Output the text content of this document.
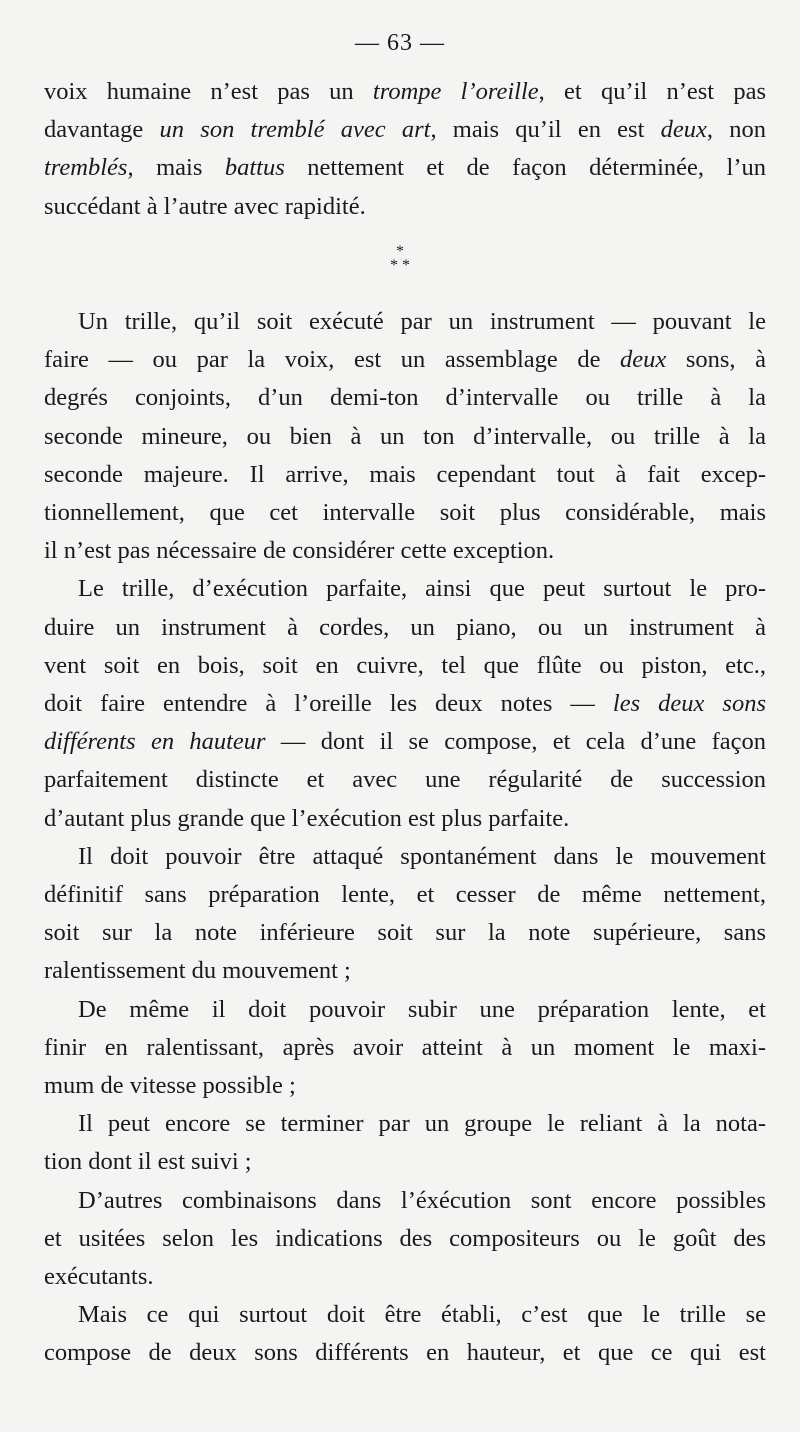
— 63 —
voix humaine n’est pas un trompe l’oreille, et qu’il n’est pas
davantage un son tremblé avec art, mais qu’il en est deux, non
tremblés, mais battus nettement et de façon déterminée, l’un
succédant à l’autre avec rapidité.
*
* *
Un trille, qu’il soit exécuté par un instrument — pouvant le
faire — ou par la voix, est un assemblage de deux sons, à
degrés conjoints, d’un demi-ton d’intervalle ou trille à la
seconde mineure, ou bien à un ton d’intervalle, ou trille à la
seconde majeure. Il arrive, mais cependant tout à fait excep-
tionnellement, que cet intervalle soit plus considérable, mais
il n’est pas nécessaire de considérer cette exception.
Le trille, d’exécution parfaite, ainsi que peut surtout le pro-
duire un instrument à cordes, un piano, ou un instrument à
vent soit en bois, soit en cuivre, tel que flûte ou piston, etc.,
doit faire entendre à l’oreille les deux notes — les deux sons
différents en hauteur — dont il se compose, et cela d’une façon
parfaitement distincte et avec une régularité de succession
d’autant plus grande que l’exécution est plus parfaite.
Il doit pouvoir être attaqué spontanément dans le mouvement
définitif sans préparation lente, et cesser de même nettement,
soit sur la note inférieure soit sur la note supérieure, sans
ralentissement du mouvement ;
De même il doit pouvoir subir une préparation lente, et
finir en ralentissant, après avoir atteint à un moment le maxi-
mum de vitesse possible ;
Il peut encore se terminer par un groupe le reliant à la nota-
tion dont il est suivi ;
D’autres combinaisons dans l’éxécution sont encore possibles
et usitées selon les indications des compositeurs ou le goût des
exécutants.
Mais ce qui surtout doit être établi, c’est que le trille se
compose de deux sons différents en hauteur, et que ce qui est
